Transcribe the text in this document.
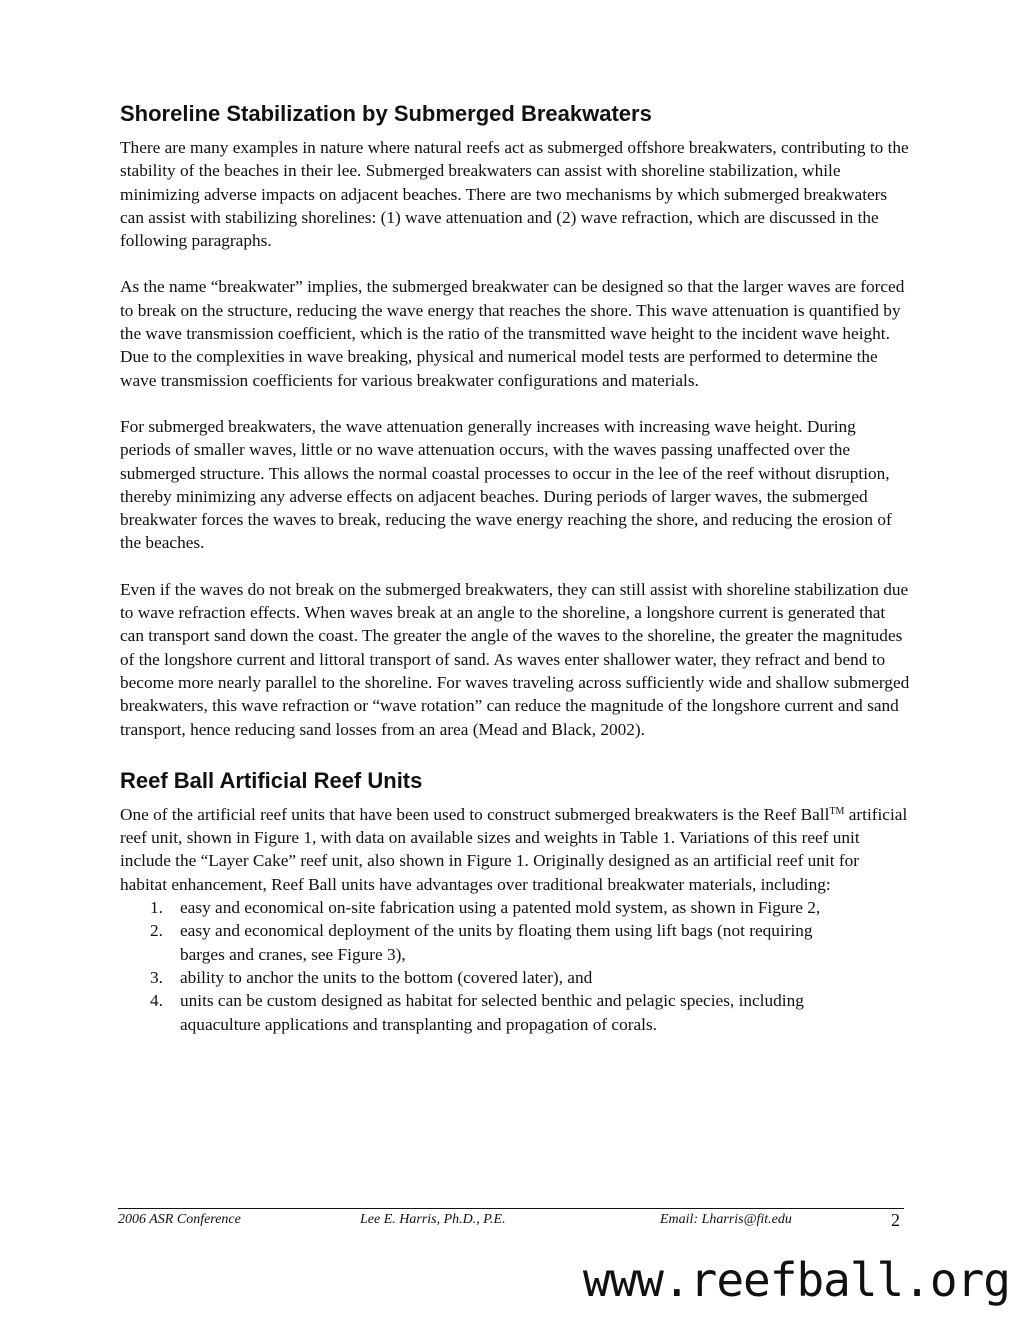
Shoreline Stabilization by Submerged Breakwaters

There are many examples in nature where natural reefs act as submerged offshore breakwaters, contributing to the stability of the beaches in their lee. Submerged breakwaters can assist with shoreline stabilization, while minimizing adverse impacts on adjacent beaches. There are two mechanisms by which submerged breakwaters can assist with stabilizing shorelines: (1) wave attenuation and (2) wave refraction, which are discussed in the following paragraphs.

As the name “breakwater” implies, the submerged breakwater can be designed so that the larger waves are forced to break on the structure, reducing the wave energy that reaches the shore. This wave attenuation is quantified by the wave transmission coefficient, which is the ratio of the transmitted wave height to the incident wave height. Due to the complexities in wave breaking, physical and numerical model tests are performed to determine the wave transmission coefficients for various breakwater configurations and materials.

For submerged breakwaters, the wave attenuation generally increases with increasing wave height. During periods of smaller waves, little or no wave attenuation occurs, with the waves passing unaffected over the submerged structure. This allows the normal coastal processes to occur in the lee of the reef without disruption, thereby minimizing any adverse effects on adjacent beaches. During periods of larger waves, the submerged breakwater forces the waves to break, reducing the wave energy reaching the shore, and reducing the erosion of the beaches.

Even if the waves do not break on the submerged breakwaters, they can still assist with shoreline stabilization due to wave refraction effects. When waves break at an angle to the shoreline, a longshore current is generated that can transport sand down the coast. The greater the angle of the waves to the shoreline, the greater the magnitudes of the longshore current and littoral transport of sand. As waves enter shallower water, they refract and bend to become more nearly parallel to the shoreline. For waves traveling across sufficiently wide and shallow submerged breakwaters, this wave refraction or “wave rotation” can reduce the magnitude of the longshore current and sand transport, hence reducing sand losses from an area (Mead and Black, 2002).

Reef Ball Artificial Reef Units

One of the artificial reef units that have been used to construct submerged breakwaters is the Reef Ball™ artificial reef unit, shown in Figure 1, with data on available sizes and weights in Table 1. Variations of this reef unit include the “Layer Cake” reef unit, also shown in Figure 1. Originally designed as an artificial reef unit for habitat enhancement, Reef Ball units have advantages over traditional breakwater materials, including:

1. easy and economical on-site fabrication using a patented mold system, as shown in Figure 2,
2. easy and economical deployment of the units by floating them using lift bags (not requiring barges and cranes, see Figure 3),
3. ability to anchor the units to the bottom (covered later), and
4. units can be custom designed as habitat for selected benthic and pelagic species, including aquaculture applications and transplanting and propagation of corals.
2006 ASR Conference	Lee E. Harris, Ph.D., P.E.	Email: Lharris@fit.edu	2
www.reefball.org
